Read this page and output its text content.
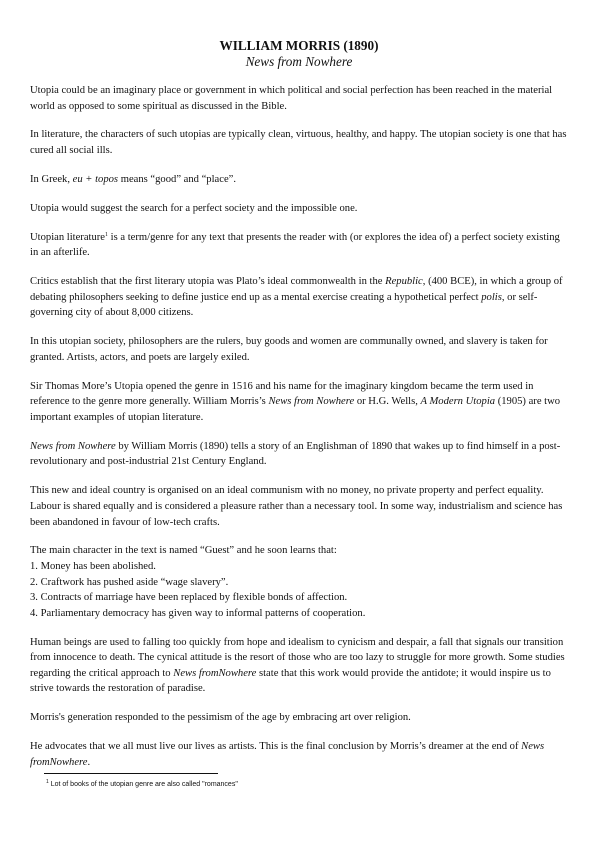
WILLIAM MORRIS (1890)
News from Nowhere

Utopia could be an imaginary place or government in which political and social perfection has been reached in the material world as opposed to some spiritual as discussed in the Bible.

In literature, the characters of such utopias are typically clean, virtuous, healthy, and happy. The utopian society is one that has cured all social ills.

In Greek, eu + topos means “good” and “place”.

Utopia would suggest the search for a perfect society and the impossible one.

Utopian literature$^1$ is a term/genre for any text that presents the reader with (or explores the idea of) a perfect society existing in an afterlife.

Critics establish that the first literary utopia was Plato’s ideal commonwealth in the Republic, (400 BCE), in which a group of debating philosophers seeking to define justice end up as a mental exercise creating a hypothetical perfect polis, or self-governing city of about 8,000 citizens.

In this utopian society, philosophers are the rulers, buy goods and women are communally owned, and slavery is taken for granted. Artists, actors, and poets are largely exiled.

Sir Thomas More’s Utopia opened the genre in 1516 and his name for the imaginary kingdom became the term used in reference to the genre more generally. William Morris’s News from Nowhere or H.G. Wells, A Modern Utopia (1905) are two important examples of utopian literature.

News from Nowhere by William Morris (1890) tells a story of an Englishman of 1890 that wakes up to find himself in a post-revolutionary and post-industrial 21st Century England.

This new and ideal country is organised on an ideal communism with no money, no private property and perfect equality. Labour is shared equally and is considered a pleasure rather than a necessary tool. In some way, industrialism and science has been abandoned in favour of low-tech crafts.

The main character in the text is named “Guest” and he soon learns that:
1. Money has been abolished.
2. Craftwork has pushed aside “wage slavery”.
3. Contracts of marriage have been replaced by flexible bonds of affection.
4. Parliamentary democracy has given way to informal patterns of cooperation.

Human beings are used to falling too quickly from hope and idealism to cynicism and despair, a fall that signals our transition from innocence to death. The cynical attitude is the resort of those who are too lazy to struggle for more growth. Some studies regarding the critical approach to News fromNowhere state that this work would provide the antidote; it would inspire us to strive towards the restoration of paradise.

Morris's generation responded to the pessimism of the age by embracing art over religion.

He advocates that we all must live our lives as artists. This is the final conclusion by Morris’s dreamer at the end of News fromNowhere.

$^1$ Lot of books of the utopian genre are also called "romances"
